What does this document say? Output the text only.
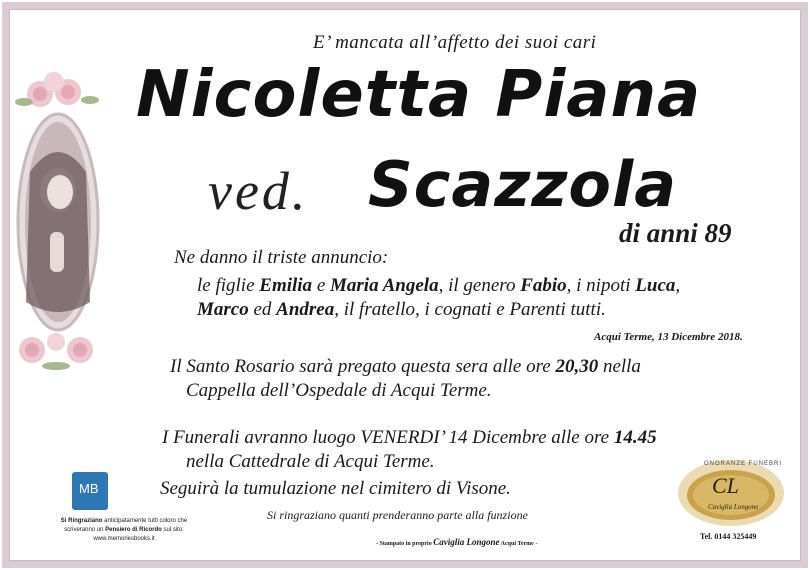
E’ mancata all’affetto dei suoi cari
Nicoletta Piana
ved. Scazzola
di anni 89
Ne danno il triste annuncio:
le figlie Emilia e Maria Angela, il genero Fabio, i nipoti Luca,
Marco ed Andrea, il fratello, i cognati e Parenti tutti.
Acqui Terme, 13 Dicembre 2018.
Il Santo Rosario sarà pregato questa sera alle ore 20,30 nella
Cappella dell’Ospedale di Acqui Terme.
I Funerali avranno luogo VENERDI’ 14 Dicembre alle ore 14.45
nella Cattedrale di Acqui Terme.
Seguirà la tumulazione nel cimitero di Visone.
Si ringraziano quanti prenderanno parte alla funzione
- Stampato in proprio Caviglia Longone Acqui Terme -
Tel. 0144 325449
MB
Si Ringraziano anticipatamente tutti coloro che
scriveranno un Pensiero di Ricordo sul sito:
www.memoriesbooks.it
ONORANZE FUNEBRI
CL
Caviglia Longone
